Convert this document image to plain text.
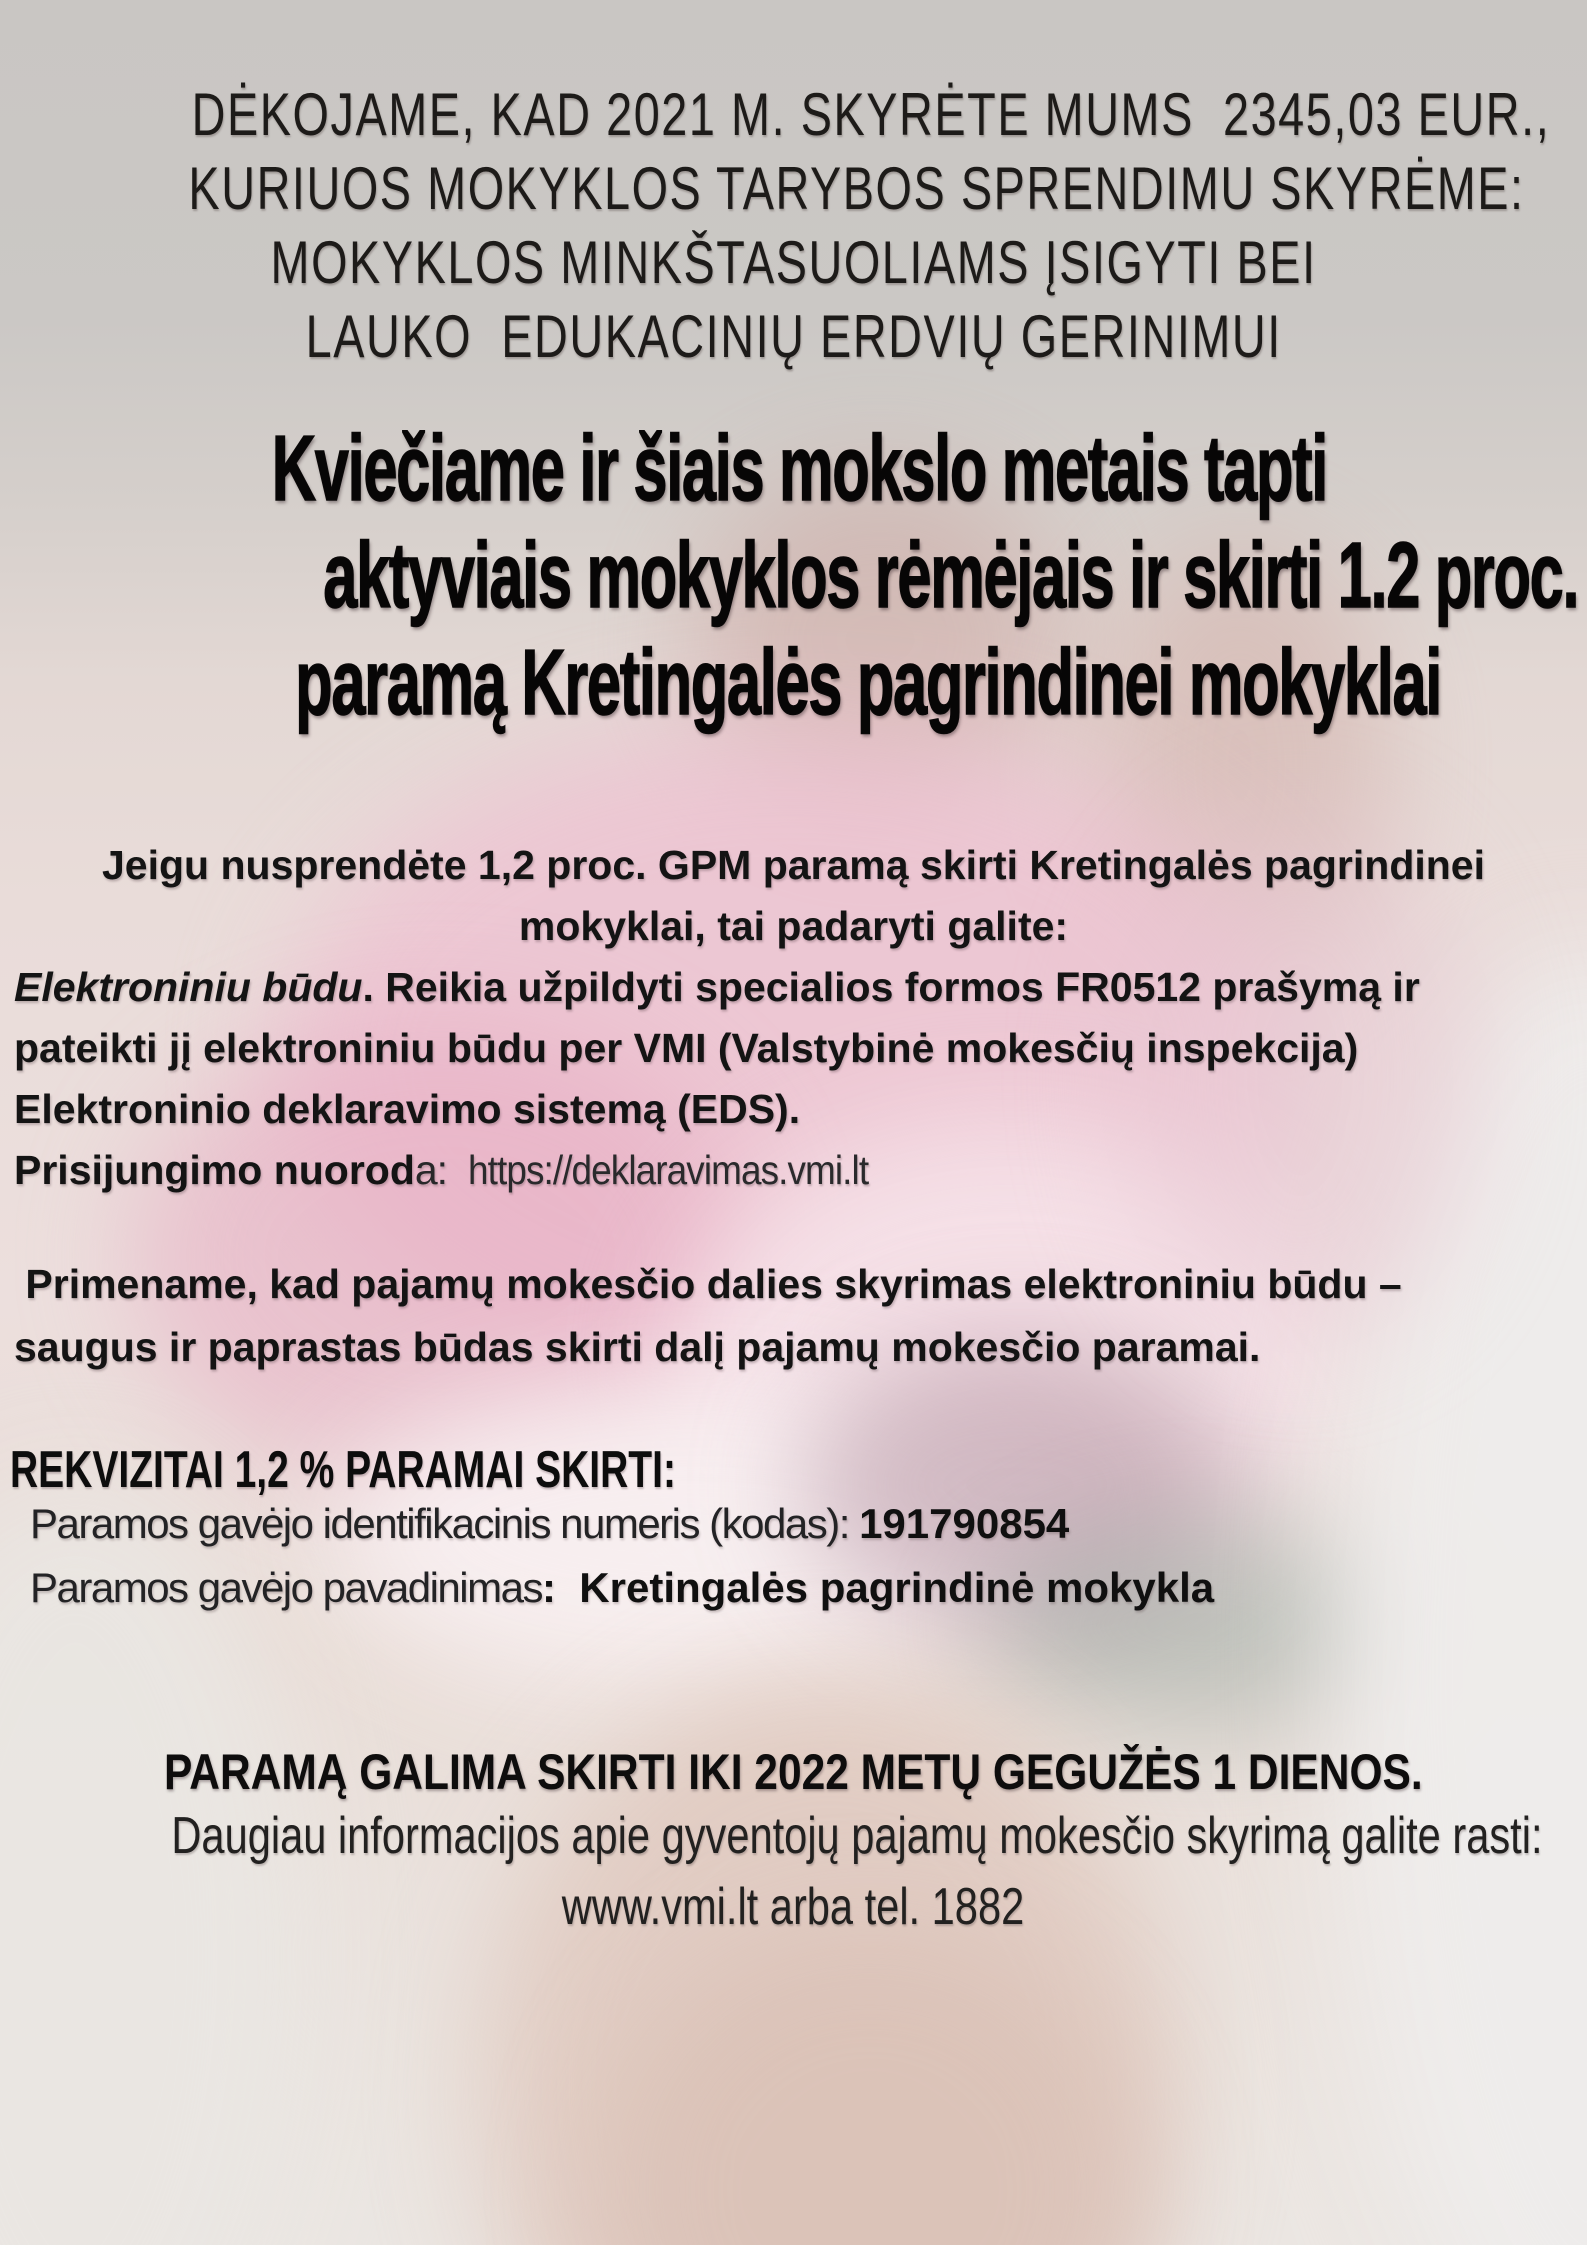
DĖKOJAME, KAD 2021 M. SKYRĖTE MUMS  2345,03 EUR.,
KURIUOS MOKYKLOS TARYBOS SPRENDIMU SKYRĖME:
MOKYKLOS MINKŠTASUOLIAMS ĮSIGYTI BEI
LAUKO  EDUKACINIŲ ERDVIŲ GERINIMUI
Kviečiame ir šiais mokslo metais tapti
aktyviais mokyklos rėmėjais ir skirti 1.2 proc.
paramą Kretingalės pagrindinei mokyklai
Jeigu nusprendėte 1,2 proc. GPM paramą skirti Kretingalės pagrindinei
mokyklai, tai padaryti galite:
Elektroniniu būdu. Reikia užpildyti specialios formos FR0512 prašymą ir
pateikti jį elektroniniu būdu per VMI (Valstybinė mokesčių inspekcija)
Elektroninio deklaravimo sistemą (EDS).
Prisijungimo nuoroda:  https://deklaravimas.vmi.lt
Primename, kad pajamų mokesčio dalies skyrimas elektroniniu būdu –
saugus ir paprastas būdas skirti dalį pajamų mokesčio paramai.
REKVIZITAI 1,2 % PARAMAI SKIRTI:
Paramos gavėjo identifikacinis numeris (kodas): 191790854
Paramos gavėjo pavadinimas:  Kretingalės pagrindinė mokykla
PARAMĄ GALIMA SKIRTI IKI 2022 METŲ GEGUŽĖS 1 DIENOS.
Daugiau informacijos apie gyventojų pajamų mokesčio skyrimą galite rasti:
www.vmi.lt arba tel. 1882
